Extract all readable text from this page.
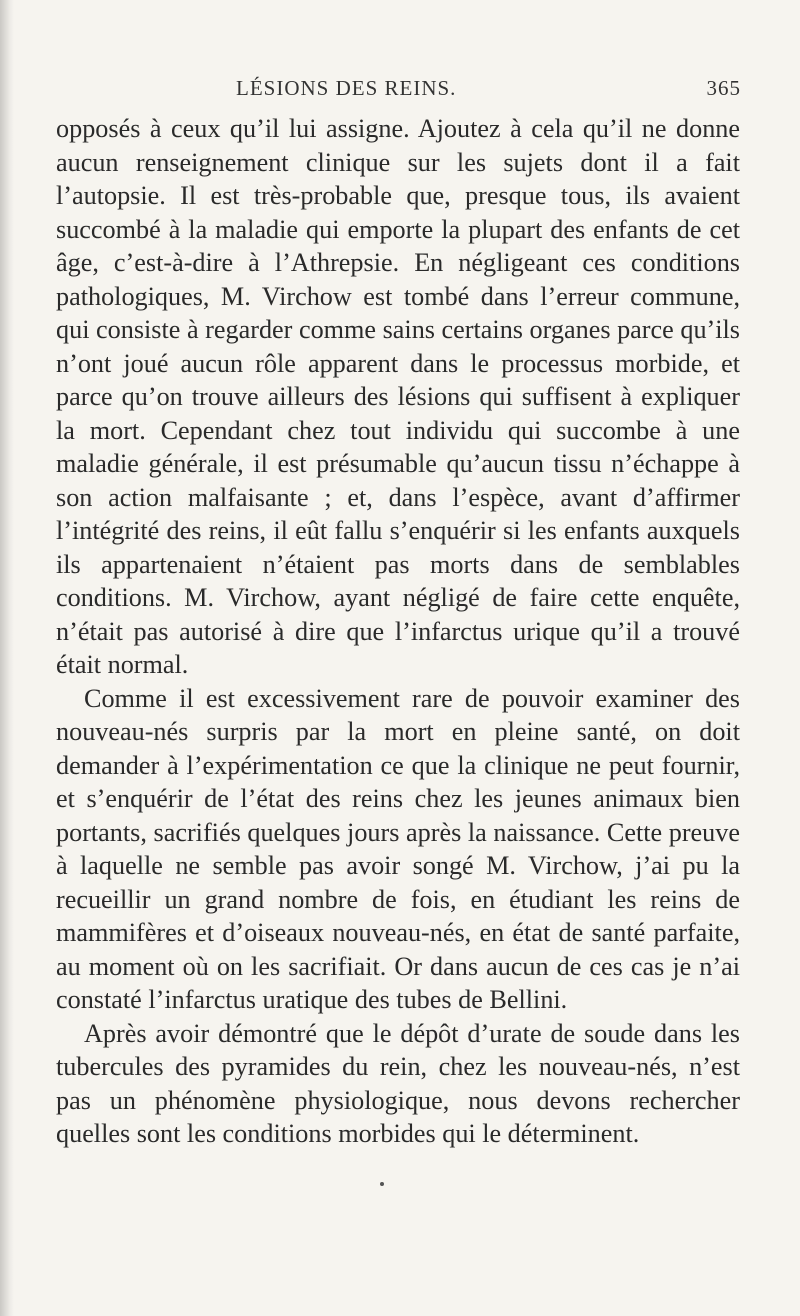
LÉSIONS DES REINS.	365

opposés à ceux qu’il lui assigne. Ajoutez à cela qu’il ne donne aucun renseignement clinique sur les sujets dont il a fait l’autopsie. Il est très-probable que, presque tous, ils avaient succombé à la maladie qui emporte la plupart des enfants de cet âge, c’est-à-dire à l’Athrepsie. En négligeant ces conditions pathologiques, M. Virchow est tombé dans l’erreur commune, qui consiste à regarder comme sains certains organes parce qu’ils n’ont joué aucun rôle apparent dans le processus morbide, et parce qu’on trouve ailleurs des lésions qui suffisent à expliquer la mort. Cependant chez tout individu qui succombe à une maladie générale, il est présumable qu’aucun tissu n’échappe à son action malfaisante ; et, dans l’espèce, avant d’affirmer l’intégrité des reins, il eût fallu s’enquérir si les enfants auxquels ils appartenaient n’étaient pas morts dans de semblables conditions. M. Virchow, ayant négligé de faire cette enquête, n’était pas autorisé à dire que l’infarctus urique qu’il a trouvé était normal.

Comme il est excessivement rare de pouvoir examiner des nouveau-nés surpris par la mort en pleine santé, on doit demander à l’expérimentation ce que la clinique ne peut fournir, et s’enquérir de l’état des reins chez les jeunes animaux bien portants, sacrifiés quelques jours après la naissance. Cette preuve à laquelle ne semble pas avoir songé M. Virchow, j’ai pu la recueillir un grand nombre de fois, en étudiant les reins de mammifères et d’oiseaux nouveau-nés, en état de santé parfaite, au moment où on les sacrifiait. Or dans aucun de ces cas je n’ai constaté l’infarctus uratique des tubes de Bellini.

Après avoir démontré que le dépôt d’urate de soude dans les tubercules des pyramides du rein, chez les nouveau-nés, n’est pas un phénomène physiologique, nous devons rechercher quelles sont les conditions morbides qui le déterminent.
